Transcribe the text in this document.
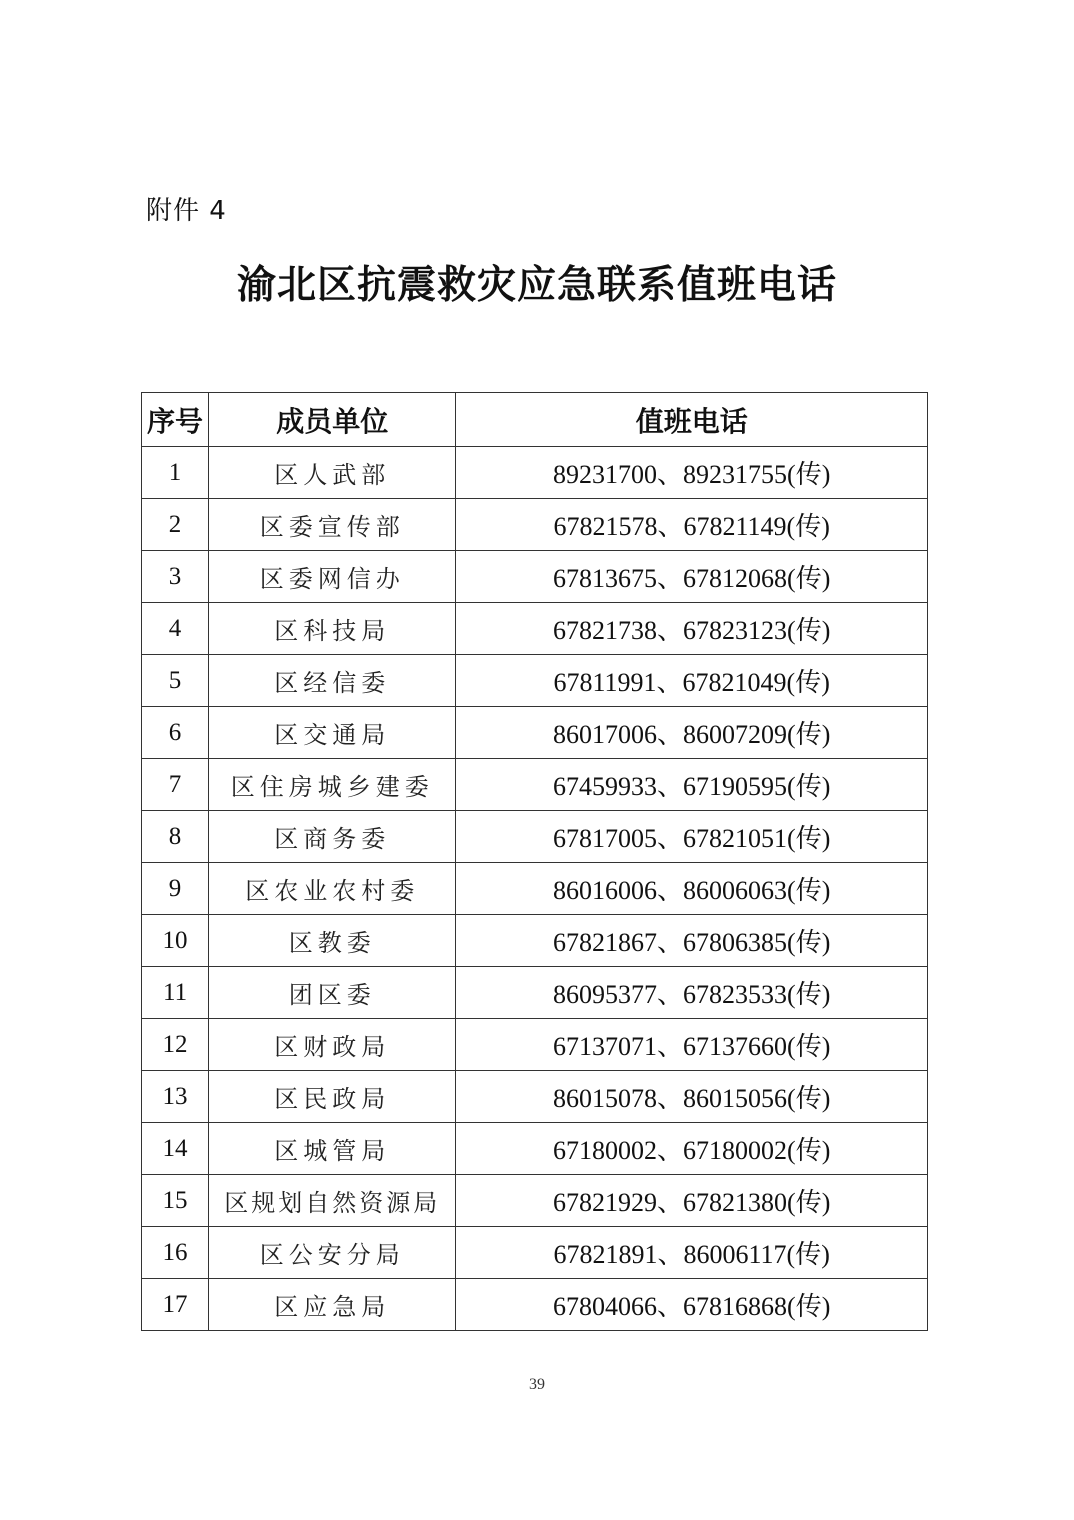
附件 4
渝北区抗震救灾应急联系值班电话
序号	成员单位	值班电话
1	区人武部	89231700、89231755(传)
2	区委宣传部	67821578、67821149(传)
3	区委网信办	67813675、67812068(传)
4	区科技局	67821738、67823123(传)
5	区经信委	67811991、67821049(传)
6	区交通局	86017006、86007209(传)
7	区住房城乡建委	67459933、67190595(传)
8	区商务委	67817005、67821051(传)
9	区农业农村委	86016006、86006063(传)
10	区教委	67821867、67806385(传)
11	团区委	86095377、67823533(传)
12	区财政局	67137071、67137660(传)
13	区民政局	86015078、86015056(传)
14	区城管局	67180002、67180002(传)
15	区规划自然资源局	67821929、67821380(传)
16	区公安分局	67821891、86006117(传)
17	区应急局	67804066、67816868(传)
39
